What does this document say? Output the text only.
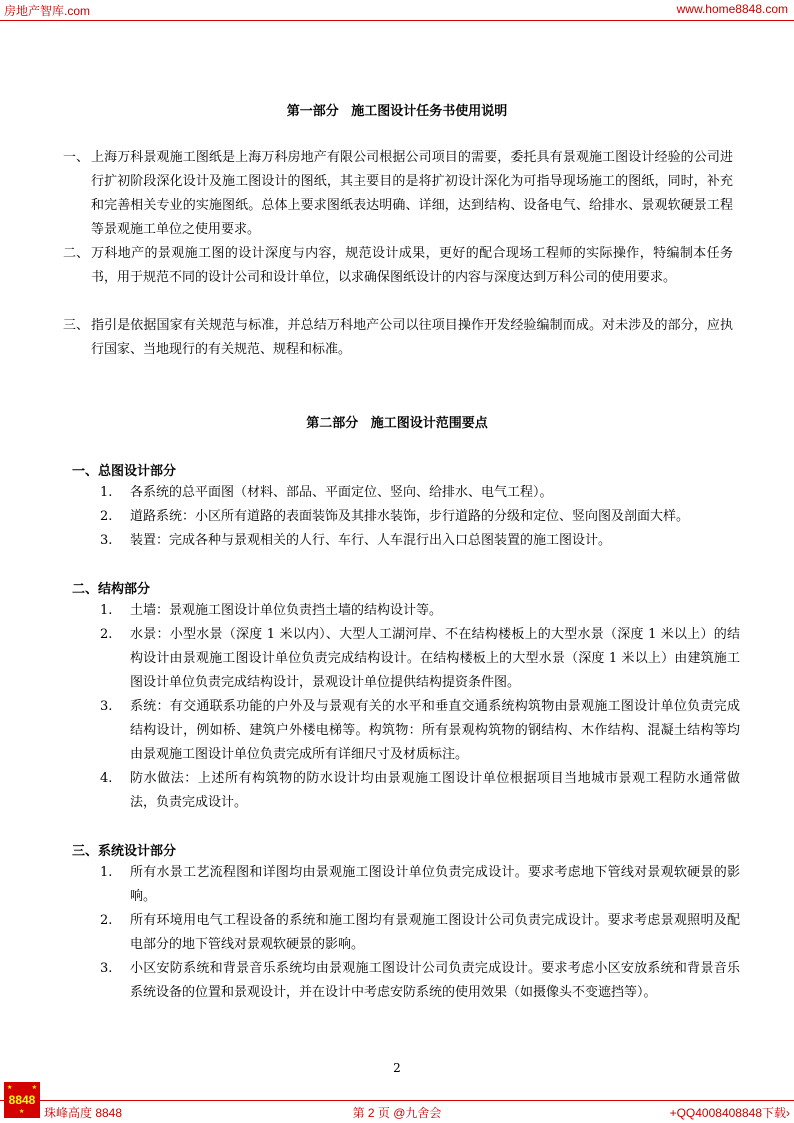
房地产智库.com	www.home8848.com
第一部分 施工图设计任务书使用说明
一、 上海万科景观施工图纸是上海万科房地产有限公司根据公司项目的需要，委托具有景观施工图设计经验的公司进行扩初阶段深化设计及施工图设计的图纸，其主要目的是将扩初设计深化为可指导现场施工的图纸，同时，补充和完善相关专业的实施图纸。总体上要求图纸表达明确、详细，达到结构、设备电气、给排水、景观软硬景工程等景观施工单位之使用要求。
二、 万科地产的景观施工图的设计深度与内容，规范设计成果，更好的配合现场工程师的实际操作，特编制本任务书，用于规范不同的设计公司和设计单位，以求确保图纸设计的内容与深度达到万科公司的使用要求。
三、 指引是依据国家有关规范与标准，并总结万科地产公司以往项目操作开发经验编制而成。对未涉及的部分，应执行国家、当地现行的有关规范、规程和标准。
第二部分 施工图设计范围要点
一、总图设计部分
1. 各系统的总平面图（材料、部品、平面定位、竖向、给排水、电气工程）。
2. 道路系统：小区所有道路的表面装饰及其排水装饰，步行道路的分级和定位、竖向图及剖面大样。
3. 装置：完成各种与景观相关的人行、车行、人车混行出入口总图装置的施工图设计。
二、结构部分
1. 土墙：景观施工图设计单位负责挡土墙的结构设计等。
2. 水景：小型水景（深度 1 米以内）、大型人工湖河岸、不在结构楼板上的大型水景（深度 1 米以上）的结构设计由景观施工图设计单位负责完成结构设计。在结构楼板上的大型水景（深度 1 米以上）由建筑施工图设计单位负责完成结构设计，景观设计单位提供结构提资条件图。
3. 系统：有交通联系功能的户外及与景观有关的水平和垂直交通系统构筑物由景观施工图设计单位负责完成结构设计，例如桥、建筑户外楼电梯等。构筑物：所有景观构筑物的钢结构、木作结构、混凝土结构等均由景观施工图设计单位负责完成所有详细尺寸及材质标注。
4. 防水做法：上述所有构筑物的防水设计均由景观施工图设计单位根据项目当地城市景观工程防水通常做法，负责完成设计。
三、系统设计部分
1. 所有水景工艺流程图和详图均由景观施工图设计单位负责完成设计。要求考虑地下管线对景观软硬景的影响。
2. 所有环境用电气工程设备的系统和施工图均有景观施工图设计公司负责完成设计。要求考虑景观照明及配电部分的地下管线对景观软硬景的影响。
3. 小区安防系统和背景音乐系统均由景观施工图设计公司负责完成设计。要求考虑小区安放系统和背景音乐系统设备的位置和景观设计，并在设计中考虑安防系统的使用效果（如摄像头不变遮挡等）。
2
★	★
★
8848
珠峰高度 8848	第 2 页 @九舍会	+QQ4008408848下载›
